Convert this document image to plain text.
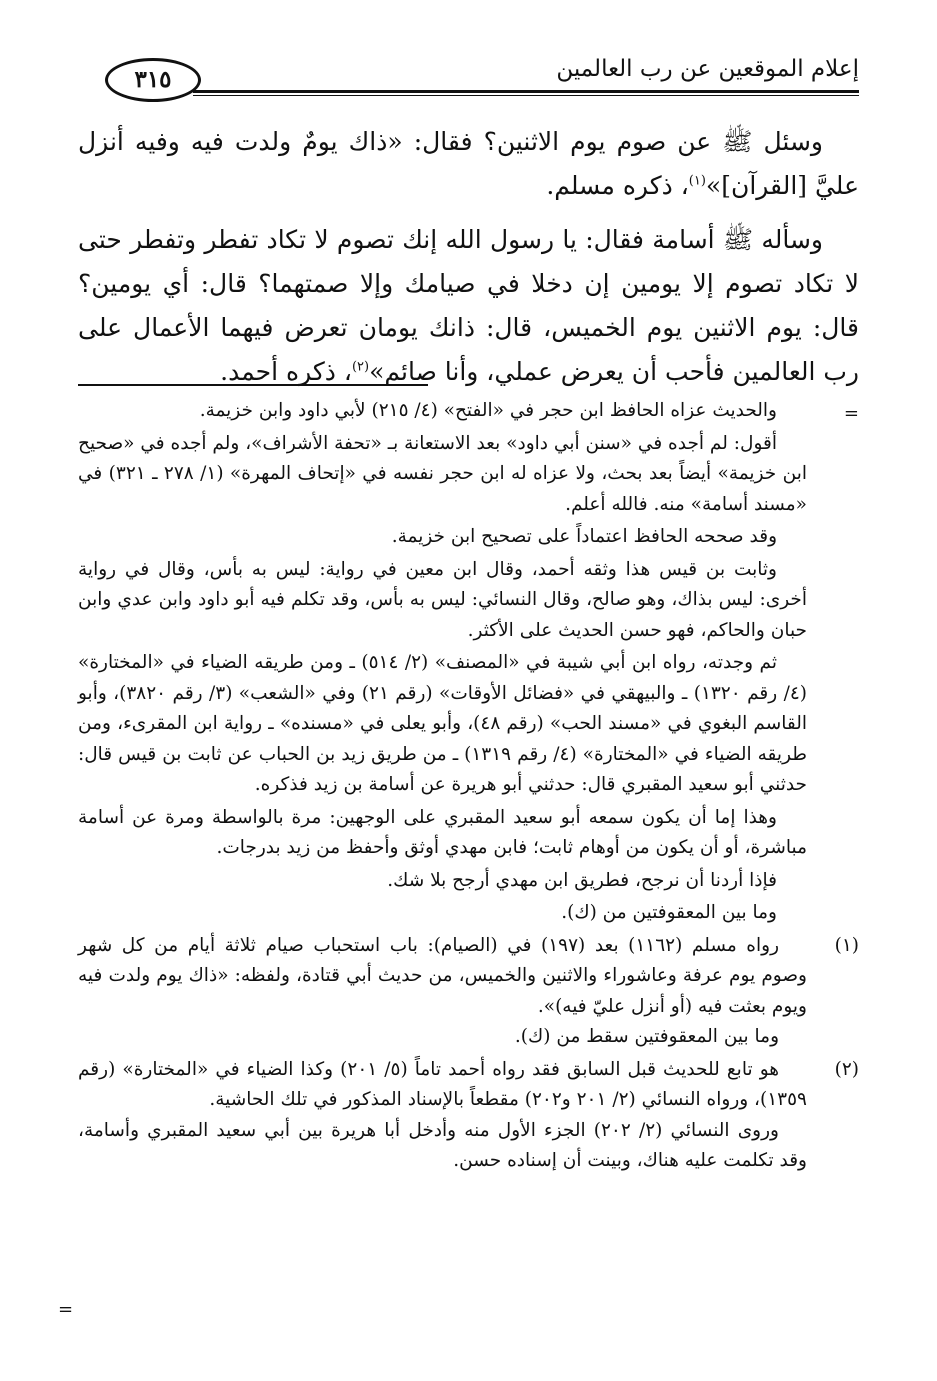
إعلام الموقعين عن رب العالمين
٣١٥

وسئل ﷺ عن صوم يوم الاثنين؟ فقال: «ذاك يومٌ ولدت فيه وفيه أنزل عليَّ [القرآن]»$^{(١)}$، ذكره مسلم.

وسأله ﷺ أسامة فقال: يا رسول الله إنك تصوم لا تكاد تفطر وتفطر حتى لا تكاد تصوم إلا يومين إن دخلا في صيامك وإلا صمتهما؟ قال: أي يومين؟ قال: يوم الاثنين يوم الخميس، قال: ذانك يومان تعرض فيهما الأعمال على رب العالمين فأحب أن يعرض عملي، وأنا صائم»$^{(٢)}$، ذكره أحمد.

=

والحديث عزاه الحافظ ابن حجر في «الفتح» (٤/ ٢١٥) لأبي داود وابن خزيمة.

أقول: لم أجده في «سنن أبي داود» بعد الاستعانة بـ «تحفة الأشراف»، ولم أجده في «صحيح ابن خزيمة» أيضاً بعد بحث، ولا عزاه له ابن حجر نفسه في «إتحاف المهرة» (١/ ٢٧٨ ـ ٣٢١) في «مسند أسامة» منه. فالله أعلم.

وقد صححه الحافظ اعتماداً على تصحيح ابن خزيمة.

وثابت بن قيس هذا وثقه أحمد، وقال ابن معين في رواية: ليس به بأس، وقال في رواية أخرى: ليس بذاك، وهو صالح، وقال النسائي: ليس به بأس، وقد تكلم فيه أبو داود وابن عدي وابن حبان والحاكم، فهو حسن الحديث على الأكثر.

ثم وجدته، رواه ابن أبي شيبة في «المصنف» (٢/ ٥١٤) ـ ومن طريقه الضياء في «المختارة» (٤/ رقم ١٣٢٠) ـ والبيهقي في «فضائل الأوقات» (رقم ٢١) وفي «الشعب» (٣/ رقم ٣٨٢٠)، وأبو القاسم البغوي في «مسند الحب» (رقم ٤٨)، وأبو يعلى في «مسنده» ـ رواية ابن المقرىء، ومن طريقه الضياء في «المختارة» (٤/ رقم ١٣١٩) ـ من طريق زيد بن الحباب عن ثابت بن قيس قال: حدثني أبو سعيد المقبري قال: حدثني أبو هريرة عن أسامة بن زيد فذكره.

وهذا إما أن يكون سمعه أبو سعيد المقبري على الوجهين: مرة بالواسطة ومرة عن أسامة مباشرة، أو أن يكون من أوهام ثابت؛ فابن مهدي أوثق وأحفظ من زيد بدرجات.

فإذا أردنا أن نرجح، فطريق ابن مهدي أرجح بلا شك.

وما بين المعقوفتين من (ك).

(١)
رواه مسلم (١١٦٢) بعد (١٩٧) في (الصيام): باب استحباب صيام ثلاثة أيام من كل شهر وصوم يوم عرفة وعاشوراء والاثنين والخميس، من حديث أبي قتادة، ولفظه: «ذاك يوم ولدت فيه ويوم بعثت فيه (أو أنزل عليّ فيه)».
وما بين المعقوفتين سقط من (ك).
(٢)
هو تابع للحديث قبل السابق فقد رواه أحمد تاماً (٥/ ٢٠١) وكذا الضياء في «المختارة» (رقم ١٣٥٩)، ورواه النسائي (٢/ ٢٠١ و٢٠٢) مقطعاً بالإسناد المذكور في تلك الحاشية.
وروى النسائي (٢/ ٢٠٢) الجزء الأول منه وأدخل أبا هريرة بين أبي سعيد المقبري وأسامة، وقد تكلمت عليه هناك، وبينت أن إسناده حسن.
=
